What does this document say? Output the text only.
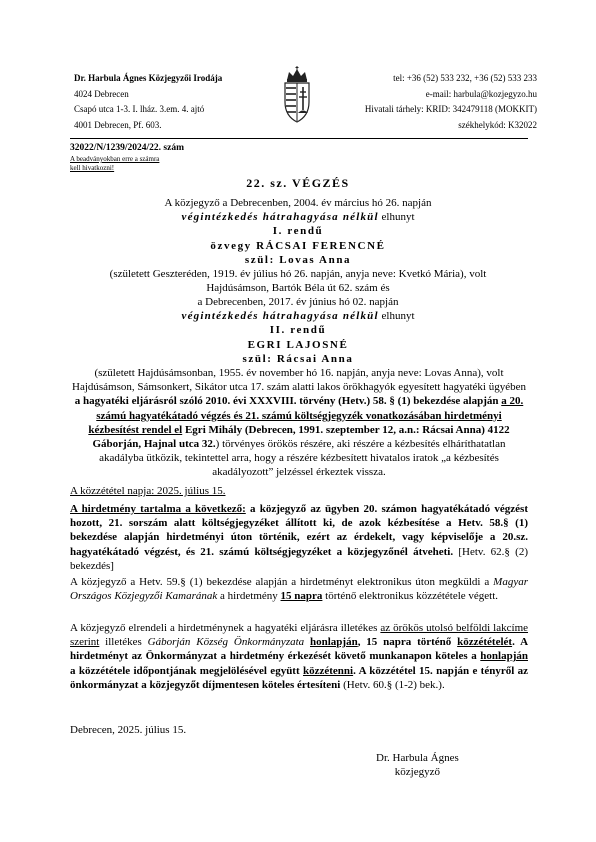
Dr. Harbula Ágnes Közjegyzői Irodája
4024 Debrecen
Csapó utca 1-3. I. lház. 3.em. 4. ajtó
4001 Debrecen, Pf. 603.
tel: +36 (52) 533 232, +36 (52) 533 233
e-mail: harbula@kozjegyzo.hu
Hivatali tárhely: KRID: 342479118 (MOKKIT)
székhelykód: K32022
32022/N/1239/2024/22. szám
A beadványokban erre a számra
kell hivatkozni!
22. sz. VÉGZÉS
A közjegyző a Debrecenben, 2004. év március hó 26. napján
végintézkedés hátrahagyása nélkül elhunyt
I. rendű
özvegy RÁCSAI FERENCNÉ
szül: Lovas Anna
(született Geszteréden, 1919. év július hó 26. napján, anyja neve: Kvetkó Mária), volt
Hajdúsámson, Bartók Béla út 62. szám és
a Debrecenben, 2017. év június hó 02. napján
végintézkedés hátrahagyása nélkül elhunyt
II. rendű
EGRI LAJOSNÉ
szül: Rácsai Anna
(született Hajdúsámsonban, 1955. év november hó 16. napján, anyja neve: Lovas Anna), volt Hajdúsámson, Sámsonkert, Sikátor utca 17. szám alatti lakos örökhagyók egyesített hagyatéki ügyében a hagyatéki eljárásról szóló 2010. évi XXXVIII. törvény (Hetv.) 58. § (1) bekezdése alapján a 20. számú hagyatékátadó végzés és 21. számú költségjegyzék vonatkozásában hirdetményi kézbesítést rendel el Egri Mihály (Debrecen, 1991. szeptember 12, a.n.: Rácsai Anna) 4122 Gáborján, Hajnal utca 32.) törvényes örökös részére, aki részére a kézbesítés elháríthatatlan akadályba ütközik, tekintettel arra, hogy a részére kézbesített hivatalos iratok „a kézbesítés akadályozott” jelzéssel érkeztek vissza.
A közzététel napja: 2025. július 15.
A hirdetmény tartalma a következő: a közjegyző az ügyben 20. számon hagyatékátadó végzést hozott, 21. sorszám alatt költségjegyzéket állított ki, de azok kézbesítése a Hetv. 58.§ (1) bekezdése alapján hirdetményi úton történik, ezért az érdekelt, vagy képviselője a 20.sz. hagyatékátadó végzést, és 21. számú költségjegyzéket a közjegyzőnél átveheti. [Hetv. 62.§ (2) bekezdés]
A közjegyző a Hetv. 59.§ (1) bekezdése alapján a hirdetményt elektronikus úton megküldi a Magyar Országos Közjegyzői Kamarának a hirdetmény 15 napra történő elektronikus közzététele végett.
A közjegyző elrendeli a hirdetménynek a hagyatéki eljárásra illetékes az örökös utolsó belföldi lakcíme szerint illetékes Gáborján Község Önkormányzata honlapján, 15 napra történő közzétételét. A hirdetményt az Önkormányzat a hirdetmény érkezését követő munkanapon köteles a honlapján a közzététele időpontjának megjelölésével együtt közzétenni. A közzététel 15. napján e tényről az önkormányzat a közjegyzőt díjmentesen köteles értesíteni (Hetv. 60.§ (1-2) bek.).
Debrecen, 2025. július 15.
Dr. Harbula Ágnes
közjegyző
